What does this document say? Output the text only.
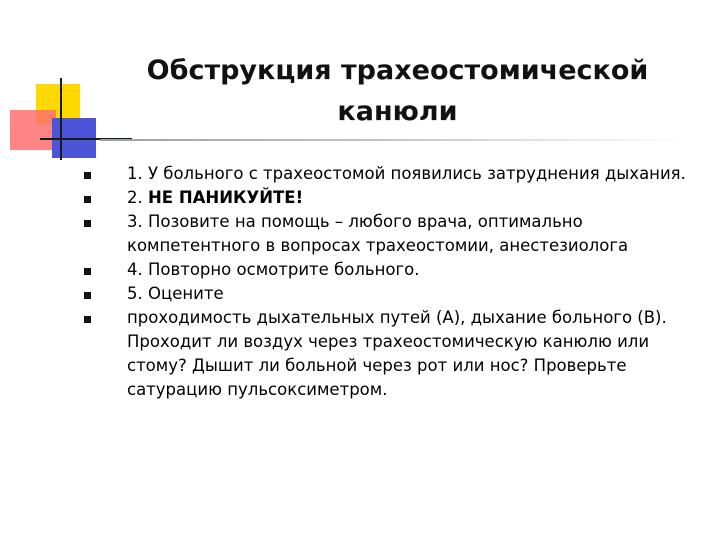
Обструкция трахеостомической
канюли
1. У больного с трахеостомой появились затруднения дыхания.
2. НЕ ПАНИКУЙТЕ!
3. Позовите на помощь – любого врача, оптимально компетентного в вопросах трахеостомии, анестезиолога
4. Повторно осмотрите больного.
5. Оцените
проходимость дыхательных путей (А), дыхание больного (В). Проходит ли воздух через трахеостомическую канюлю или стому? Дышит ли больной через рот или нос? Проверьте сатурацию пульсоксиметром.
